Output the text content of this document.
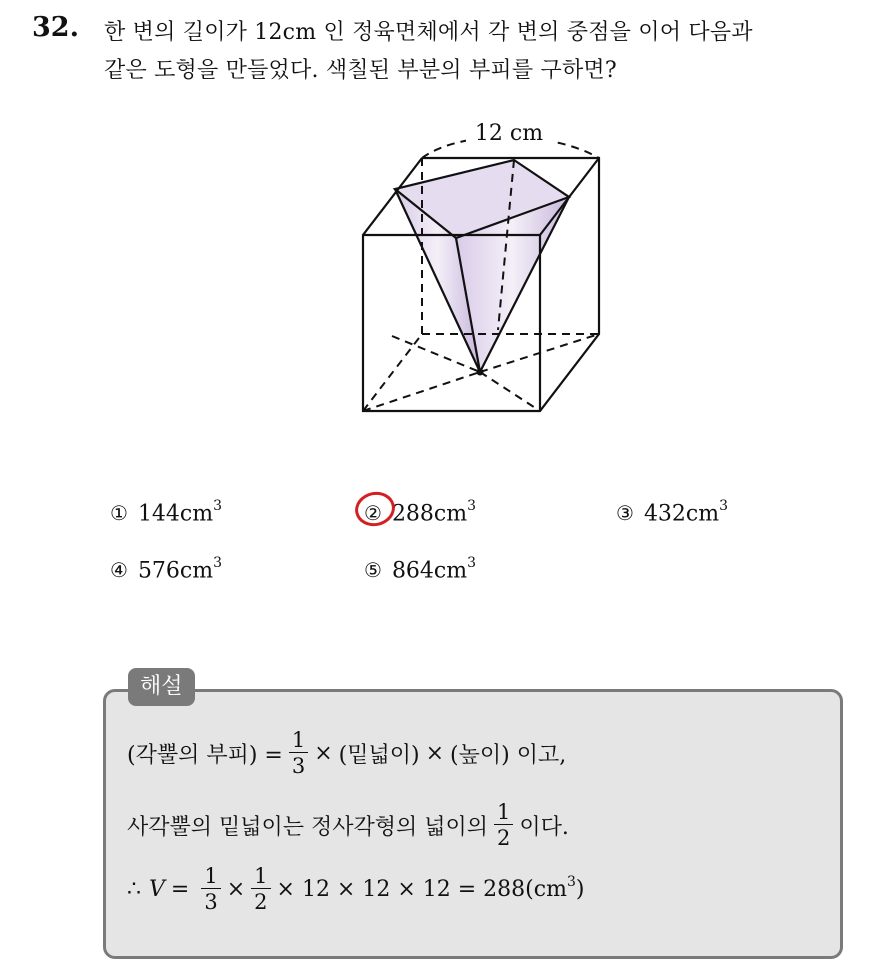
32. 한 변의 길이가 12cm 인 정육면체에서 각 변의 중점을 이어 다음과
같은 도형을 만들었다. 색칠된 부분의 부피를 구하면?
12 cm
① $144cm^3$	② $288cm^3$	③ $432cm^3$
④ $576cm^3$	⑤ $864cm^3$
해설
(각뿔의 부피) = $\frac{1}{3}$ × (밑넓이) × (높이) 이고,
사각뿔의 밑넓이는 정사각형의 넓이의 $\frac{1}{2}$ 이다.
∴ $V = \frac{1}{3} \times \frac{1}{2} \times 12 \times 12 \times 12 = 288(cm^3$ )
